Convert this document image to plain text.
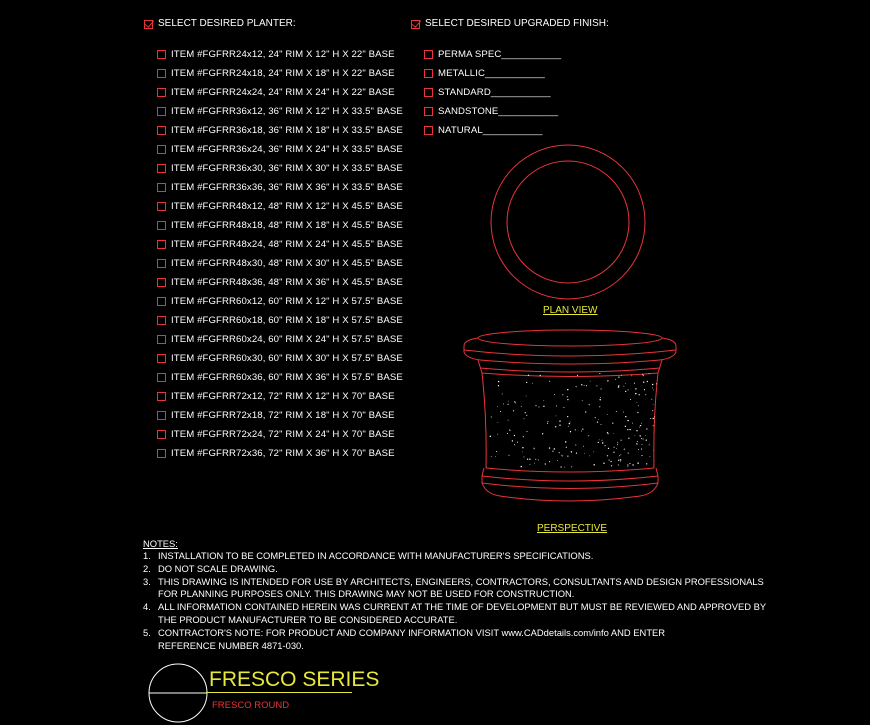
SELECT DESIRED PLANTER:
ITEM #FGFRR24x12, 24" RIM X 12" H X 22" BASE
ITEM #FGFRR24x18, 24" RIM X 18" H X 22" BASE
ITEM #FGFRR24x24, 24" RIM X 24" H X 22" BASE
ITEM #FGFRR36x12, 36" RIM X 12" H X 33.5" BASE
ITEM #FGFRR36x18, 36" RIM X 18" H X 33.5" BASE
ITEM #FGFRR36x24, 36" RIM X 24" H X 33.5" BASE
ITEM #FGFRR36x30, 36" RIM X 30" H X 33.5" BASE
ITEM #FGFRR36x36, 36" RIM X 36" H X 33.5" BASE
ITEM #FGFRR48x12, 48" RIM X 12" H X 45.5" BASE
ITEM #FGFRR48x18, 48" RIM X 18" H X 45.5" BASE
ITEM #FGFRR48x24, 48" RIM X 24" H X 45.5" BASE
ITEM #FGFRR48x30, 48" RIM X 30" H X 45.5" BASE
ITEM #FGFRR48x36, 48" RIM X 36" H X 45.5" BASE
ITEM #FGFRR60x12, 60" RIM X 12" H X 57.5" BASE
ITEM #FGFRR60x18, 60" RIM X 18" H X 57.5" BASE
ITEM #FGFRR60x24, 60" RIM X 24" H X 57.5" BASE
ITEM #FGFRR60x30, 60" RIM X 30" H X 57.5" BASE
ITEM #FGFRR60x36, 60" RIM X 36" H X 57.5" BASE
ITEM #FGFRR72x12, 72" RIM X 12" H X 70" BASE
ITEM #FGFRR72x18, 72" RIM X 18" H X 70" BASE
ITEM #FGFRR72x24, 72" RIM X 24" H X 70" BASE
ITEM #FGFRR72x36, 72" RIM X 36" H X 70" BASE
SELECT DESIRED UPGRADED FINISH:
PERMA SPEC___________
METALLIC___________
STANDARD___________
SANDSTONE___________
NATURAL___________
PLAN VIEW
PERSPECTIVE
NOTES:
1. INSTALLATION TO BE COMPLETED IN ACCORDANCE WITH MANUFACTURER'S SPECIFICATIONS.
2. DO NOT SCALE DRAWING.
3. THIS DRAWING IS INTENDED FOR USE BY ARCHITECTS, ENGINEERS, CONTRACTORS, CONSULTANTS AND DESIGN PROFESSIONALS
FOR PLANNING PURPOSES ONLY. THIS DRAWING MAY NOT BE USED FOR CONSTRUCTION.
4. ALL INFORMATION CONTAINED HEREIN WAS CURRENT AT THE TIME OF DEVELOPMENT BUT MUST BE REVIEWED AND APPROVED BY
THE PRODUCT MANUFACTURER TO BE CONSIDERED ACCURATE.
5. CONTRACTOR'S NOTE: FOR PRODUCT AND COMPANY INFORMATION VISIT www.CADdetails.com/info AND ENTER
REFERENCE NUMBER 4871-030.
FRESCO SERIES
FRESCO ROUND
